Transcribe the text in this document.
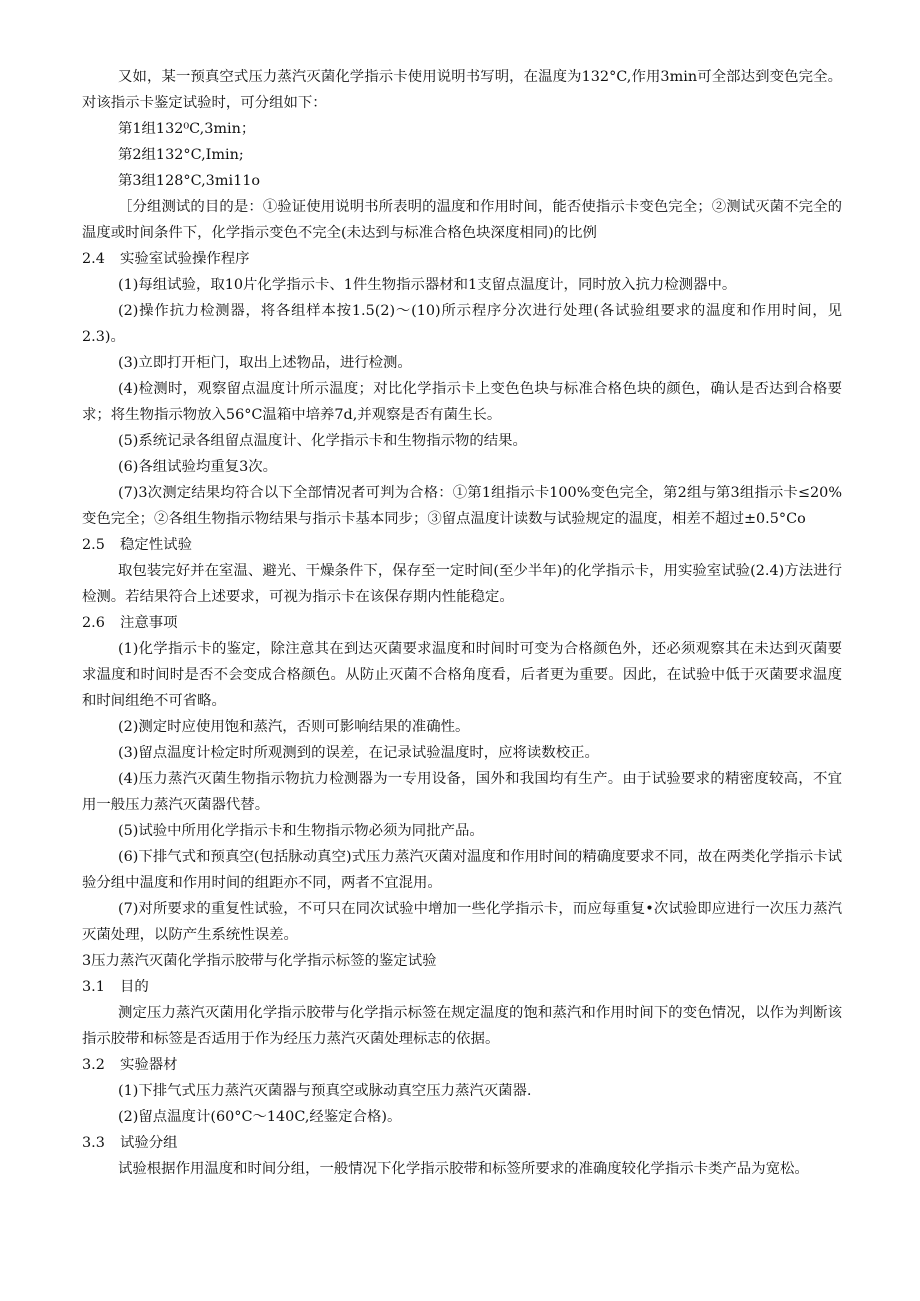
又如，某一预真空式压力蒸汽灭菌化学指示卡使用说明书写明，在温度为132°C,作用3min可全部达到变色完全。对该指示卡鉴定试验时，可分组如下：

第1组132⁰C,3min；

第2组132°C,Imin;

第3组128°C,3mi11o

［分组测试的目的是：①验证使用说明书所表明的温度和作用时间，能否使指示卡变色完全；②测试灭菌不完全的温度或时间条件下，化学指示变色不完全(未达到与标准合格色块深度相同)的比例

2.4	实验室试验操作程序

(1)每组试验，取10片化学指示卡、1件生物指示器材和1支留点温度计，同时放入抗力检测器中。

(2)操作抗力检测器，将各组样本按1.5(2)～(10)所示程序分次进行处理(各试验组要求的温度和作用时间，见2.3)。

(3)立即打开柜门，取出上述物品，进行检测。

(4)检测时，观察留点温度计所示温度；对比化学指示卡上变色色块与标准合格色块的颜色，确认是否达到合格要求；将生物指示物放入56°C温箱中培养7d,并观察是否有菌生长。

(5)系统记录各组留点温度计、化学指示卡和生物指示物的结果。

(6)各组试验均重复3次。

(7)3次测定结果均符合以下全部情况者可判为合格：①第1组指示卡100%变色完全，第2组与第3组指示卡≤20%变色完全；②各组生物指示物结果与指示卡基本同步；③留点温度计读数与试验规定的温度，相差不超过±0.5°Co

2.5	稳定性试验

取包装完好并在室温、避光、干燥条件下，保存至一定时间(至少半年)的化学指示卡，用实验室试验(2.4)方法进行检测。若结果符合上述要求，可视为指示卡在该保存期内性能稳定。

2.6	注意事项

(1)化学指示卡的鉴定，除注意其在到达灭菌要求温度和时间时可变为合格颜色外，还必须观察其在未达到灭菌要求温度和时间时是否不会变成合格颜色。从防止灭菌不合格角度看，后者更为重要。因此，在试验中低于灭菌要求温度和时间组绝不可省略。

(2)测定时应使用饱和蒸汽，否则可影响结果的准确性。

(3)留点温度计检定时所观测到的误差，在记录试验温度时，应将读数校正。

(4)压力蒸汽灭菌生物指示物抗力检测器为一专用设备，国外和我国均有生产。由于试验要求的精密度较高，不宜用一般压力蒸汽灭菌器代替。

(5)试验中所用化学指示卡和生物指示物必须为同批产品。

(6)下排气式和预真空(包括脉动真空)式压力蒸汽灭菌对温度和作用时间的精确度要求不同，故在两类化学指示卡试验分组中温度和作用时间的组距亦不同，两者不宜混用。

(7)对所要求的重复性试验，不可只在同次试验中增加一些化学指示卡，而应每重复•次试验即应进行一次压力蒸汽灭菌处理，以防产生系统性误差。

3压力蒸汽灭菌化学指示胶带与化学指示标签的鉴定试验

3.1	目的

测定压力蒸汽灭菌用化学指示胶带与化学指示标签在规定温度的饱和蒸汽和作用时间下的变色情况，以作为判断该指示胶带和标签是否适用于作为经压力蒸汽灭菌处理标志的依据。

3.2	实验器材

(1)下排气式压力蒸汽灭菌器与预真空或脉动真空压力蒸汽灭菌器.

(2)留点温度计(60°C～140C,经鉴定合格)。

3.3	试验分组

试验根据作用温度和时间分组，一般情况下化学指示胶带和标签所要求的准确度较化学指示卡类产品为宽松。
